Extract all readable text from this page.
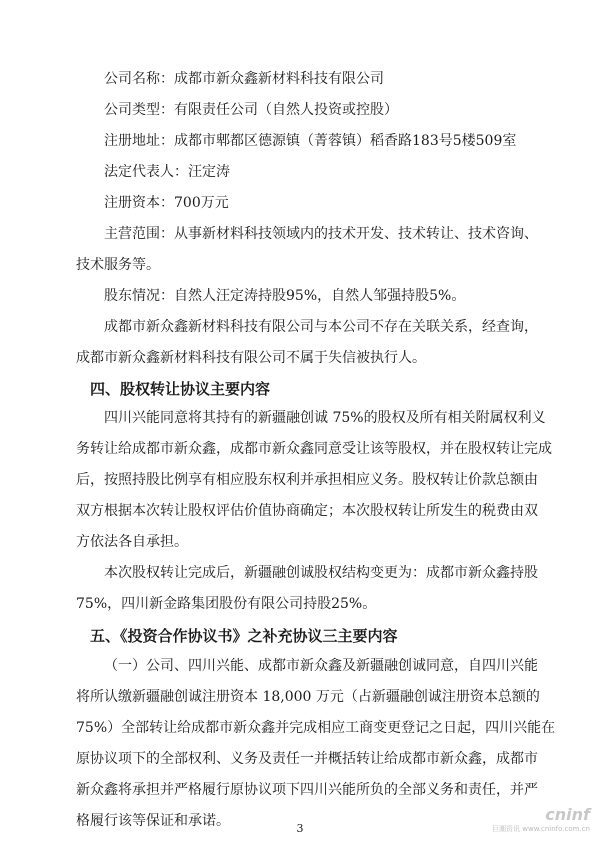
公司名称：成都市新众鑫新材料科技有限公司
公司类型：有限责任公司（自然人投资或控股）
注册地址：成都市郫都区德源镇（菁蓉镇）稻香路183号5楼509室
法定代表人：汪定涛
注册资本：700万元
主营范围：从事新材料科技领域内的技术开发、技术转让、技术咨询、
技术服务等。
股东情况：自然人汪定涛持股95%，自然人邹强持股5%。
成都市新众鑫新材料科技有限公司与本公司不存在关联关系，经查询，
成都市新众鑫新材料科技有限公司不属于失信被执行人。
四、股权转让协议主要内容
四川兴能同意将其持有的新疆融创诚 75%的股权及所有相关附属权利义
务转让给成都市新众鑫，成都市新众鑫同意受让该等股权，并在股权转让完成
后，按照持股比例享有相应股东权利并承担相应义务。股权转让价款总额由
双方根据本次转让股权评估价值协商确定；本次股权转让所发生的税费由双
方依法各自承担。
本次股权转让完成后，新疆融创诚股权结构变更为：成都市新众鑫持股
75%，四川新金路集团股份有限公司持股25%。
五、《投资合作协议书》之补充协议三主要内容
（一）公司、四川兴能、成都市新众鑫及新疆融创诚同意，自四川兴能
将所认缴新疆融创诚注册资本 18,000 万元（占新疆融创诚注册资本总额的
75%）全部转让给成都市新众鑫并完成相应工商变更登记之日起，四川兴能在
原协议项下的全部权利、义务及责任一并概括转让给成都市新众鑫，成都市
新众鑫将承担并严格履行原协议项下四川兴能所负的全部义务和责任，并严
格履行该等保证和承诺。	3
cninf
巨潮资讯 www.cninfo.com.cn
